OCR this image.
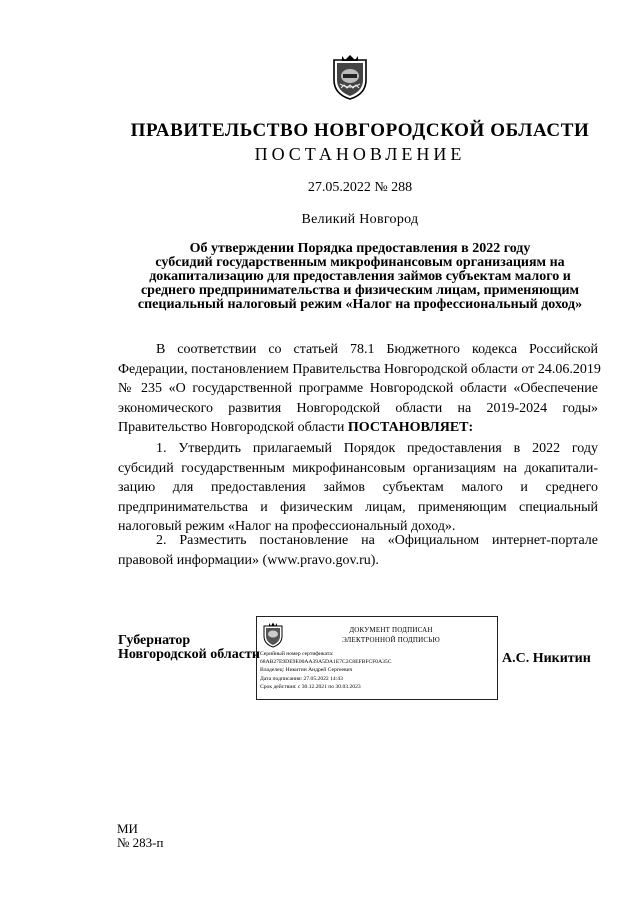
ПРАВИТЕЛЬСТВО НОВГОРОДСКОЙ ОБЛАСТИ
ПОСТАНОВЛЕНИЕ
27.05.2022 № 288
Великий Новгород
Об утверждении Порядка предоставления в 2022 году
субсидий государственным микрофинансовым организациям на
докапитализацию для предоставления займов субъектам малого и
среднего предпринимательства и физическим лицам, применяющим
специальный налоговый режим «Налог на профессиональный доход»
В соответствии со статьей 78.1 Бюджетного кодекса Российской
Федерации, постановлением Правительства Новгородской области от 24.06.2019
№ 235 «О государственной программе Новгородской области «Обеспечение
экономического развития Новгородской области на 2019-2024 годы»
Правительство Новгородской области ПОСТАНОВЛЯЕТ:
1. Утвердить прилагаемый Порядок предоставления в 2022 году
субсидий государственным микрофинансовым организациям на докапитали-
зацию для предоставления займов субъектам малого и среднего
предпринимательства и физическим лицам, применяющим специальный
налоговый режим «Налог на профессиональный доход».
2. Разместить постановление на «Официальном интернет-портале
правовой информации» (www.pravo.gov.ru).
Губернатор
Новгородской области
ДОКУМЕНТ ПОДПИСАН
ЭЛЕКТРОННОЙ ПОДПИСЬЮ
Серийный номер сертификата:
68AB27E9DE9E00AA39A5DA1E7C2C8EFBFCF0A35C
Владелец: Никитин Андрей Сергеевич
Дата подписания: 27.05.2022 14:43
Срок действия: с 30.12.2021 по 30.03.2023
А.С. Никитин
МИ
№ 283-п
